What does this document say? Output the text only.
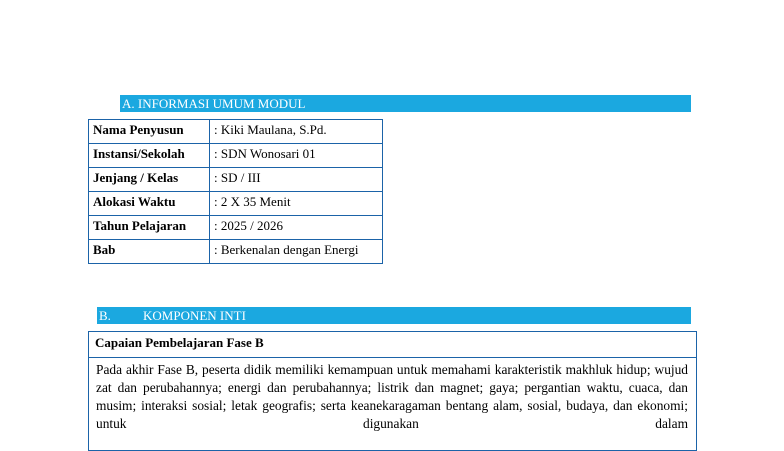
A. INFORMASI UMUM MODUL
Nama Penyusun	: Kiki Maulana, S.Pd.
Instansi/Sekolah	: SDN Wonosari 01
Jenjang / Kelas	: SD / III
Alokasi Waktu	: 2 X 35 Menit
Tahun Pelajaran	: 2025 / 2026
Bab	: Berkenalan dengan Energi
B. KOMPONEN INTI
Capaian Pembelajaran Fase B

Pada akhir Fase B, peserta didik memiliki kemampuan untuk memahami karakteristik makhluk hidup; wujud zat dan perubahannya; energi dan perubahannya; listrik dan magnet; gaya; pergantian waktu, cuaca, dan musim; interaksi sosial; letak geografis; serta keanekaragaman bentang alam, sosial, budaya, dan ekonomi; untuk digunakan dalam
